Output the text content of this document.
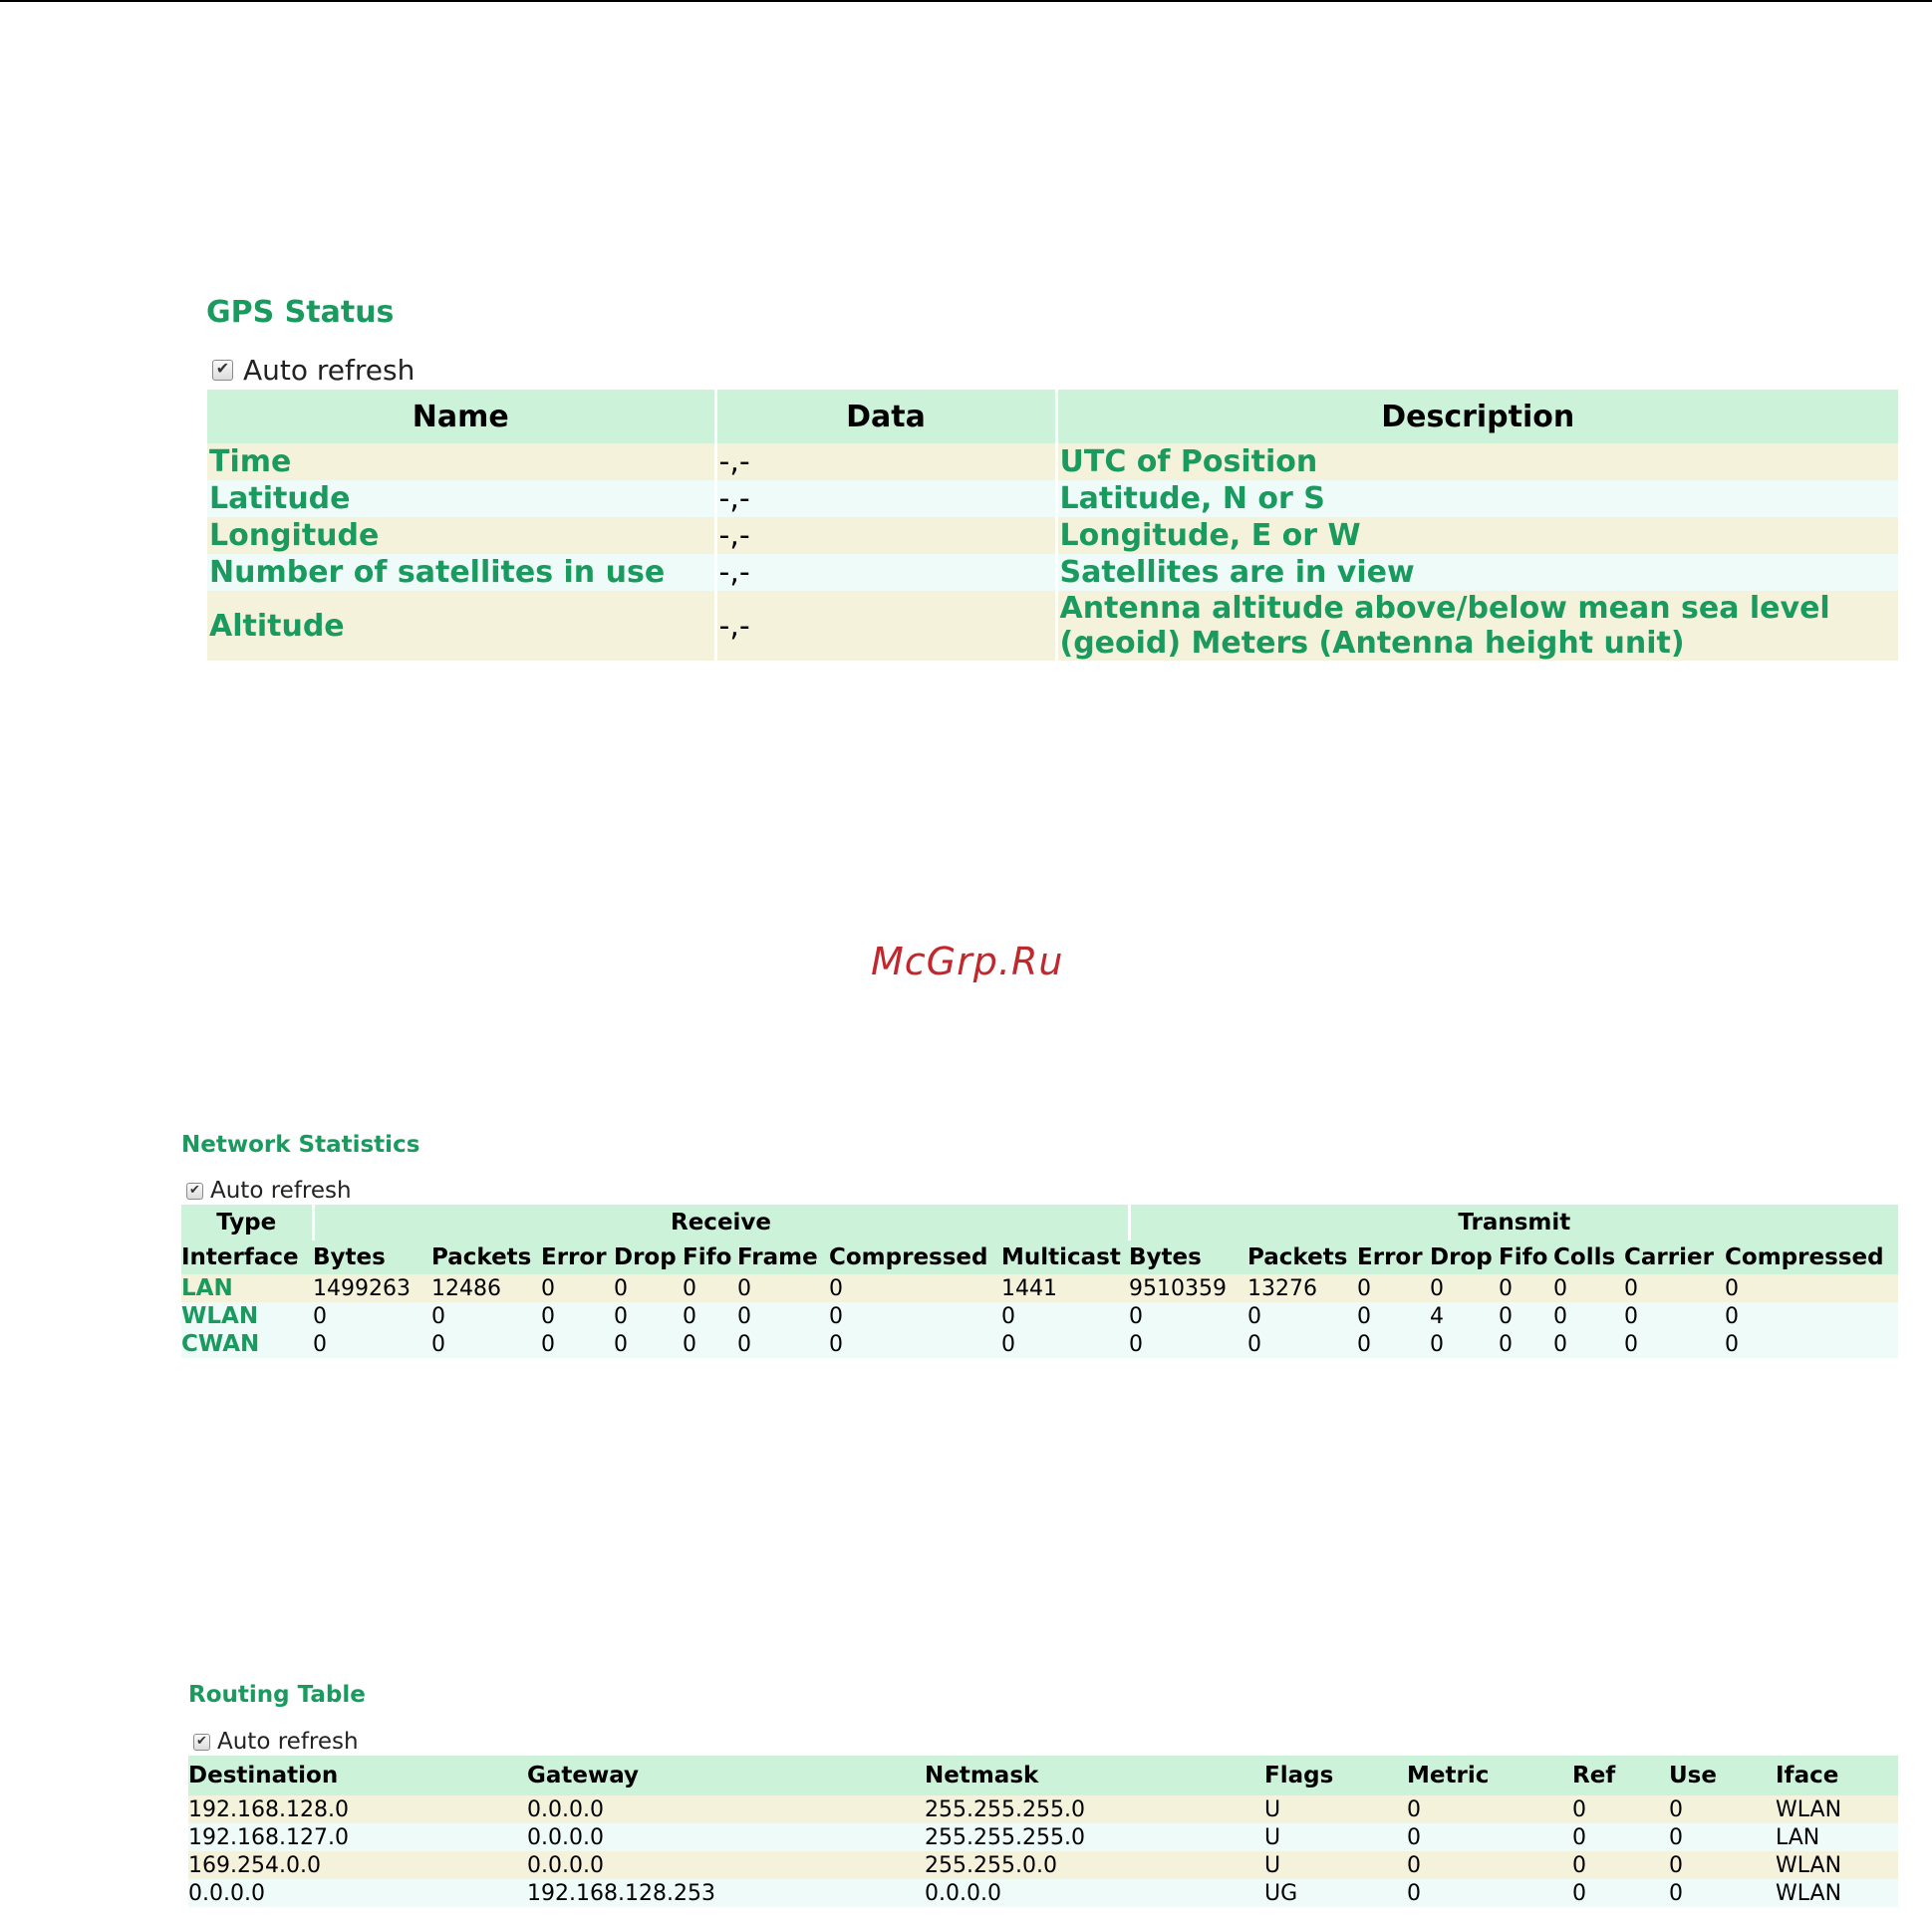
GPS Status
✔ Auto refresh
Name	Data	Description
Time	-,-	UTC of Position
Latitude	-,-	Latitude, N or S
Longitude	-,-	Longitude, E or W
Number of satellites in use	-,-	Satellites are in view
Altitude	-,-	Antenna altitude above/below mean sea level (geoid) Meters (Antenna height unit)
McGrp.Ru
Network Statistics
✔ Auto refresh
Type	Receive								Transmit							
Interface	Bytes	Packets	Error	Drop	Fifo	Frame	Compressed	Multicast	Bytes	Packets	Error	Drop	Fifo	Colls	Carrier	Compressed
LAN	1499263	12486	0	0	0	0	0	1441	9510359	13276	0	0	0	0	0	0
WLAN	0	0	0	0	0	0	0	0	0	0	0	4	0	0	0	0
CWAN	0	0	0	0	0	0	0	0	0	0	0	0	0	0	0	0
Routing Table
✔ Auto refresh
Destination	Gateway	Netmask	Flags	Metric	Ref	Use	Iface
192.168.128.0	0.0.0.0	255.255.255.0	U	0	0	0	WLAN
192.168.127.0	0.0.0.0	255.255.255.0	U	0	0	0	LAN
169.254.0.0	0.0.0.0	255.255.0.0	U	0	0	0	WLAN
0.0.0.0	192.168.128.253	0.0.0.0	UG	0	0	0	WLAN
